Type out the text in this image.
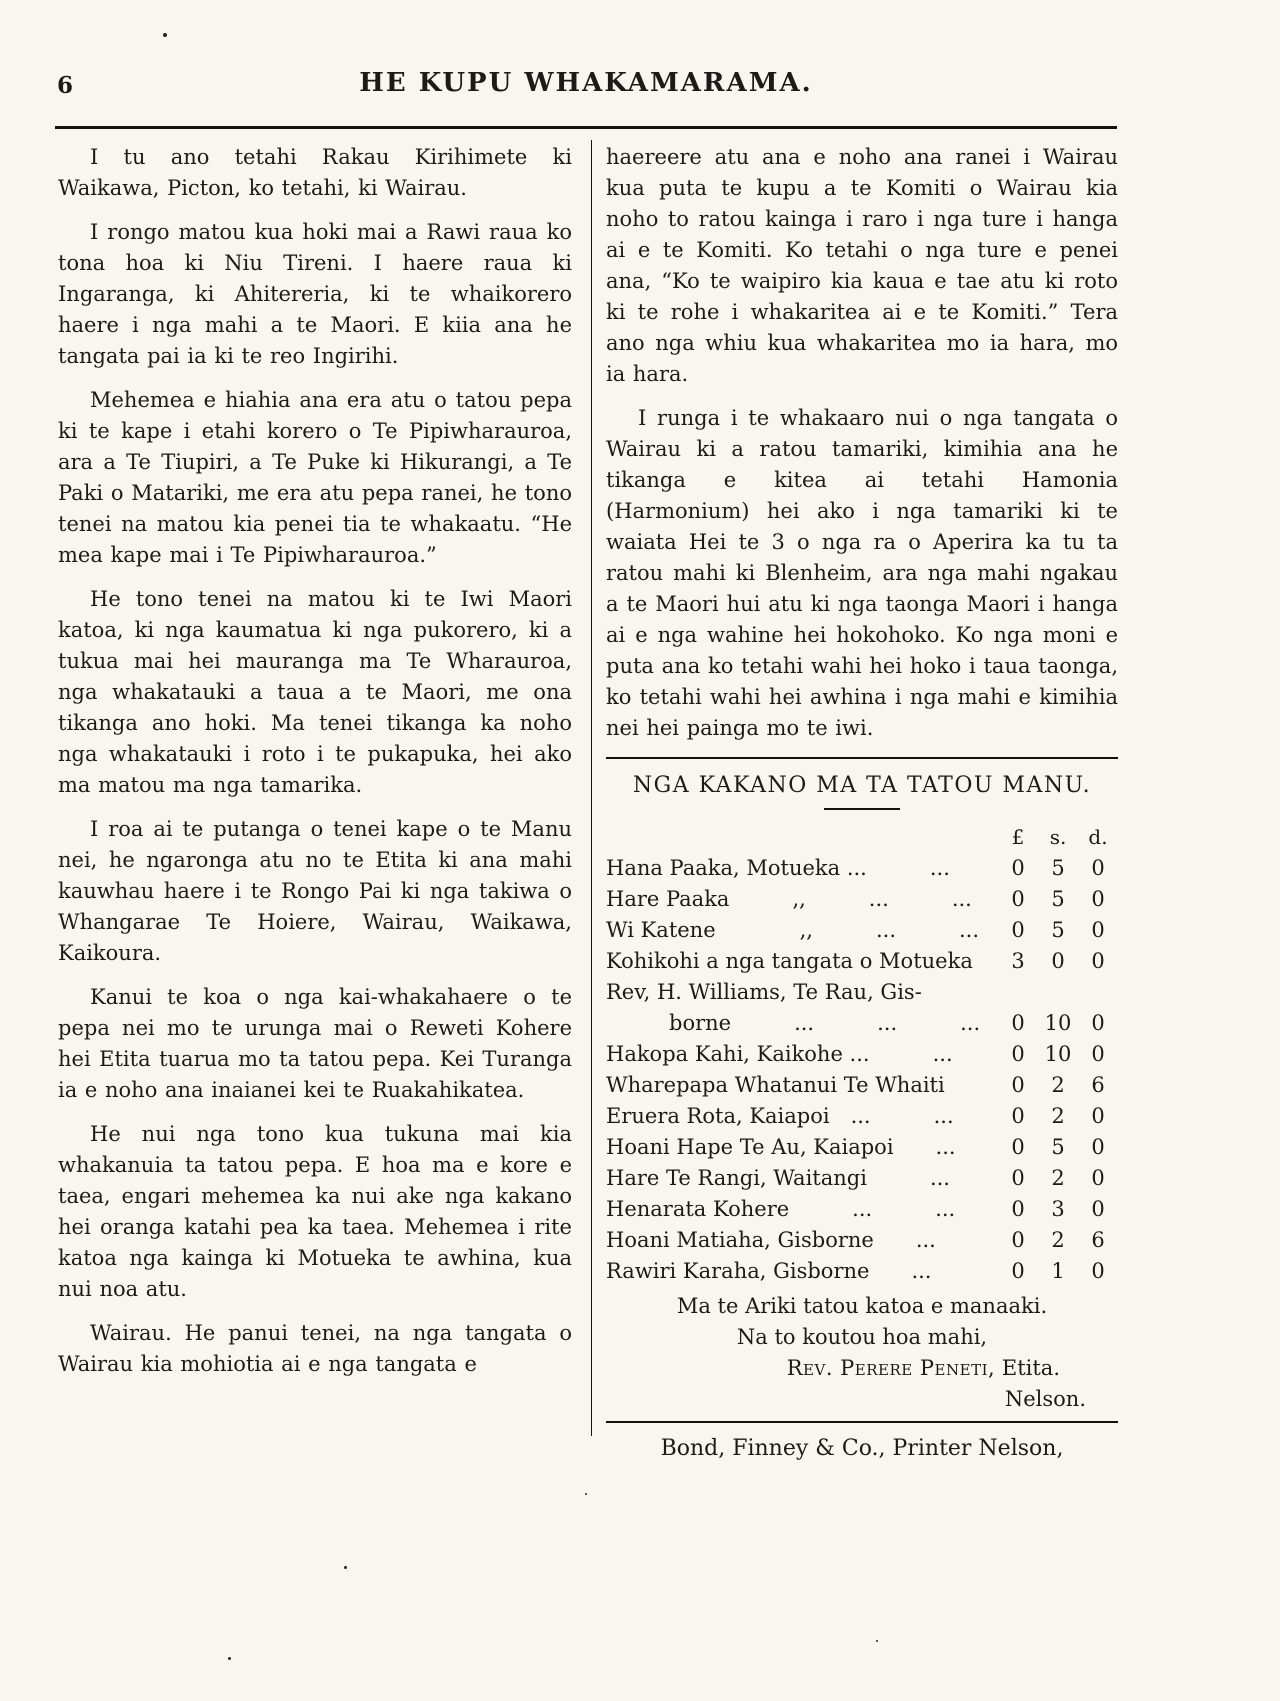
6	HE KUPU WHAKAMARAMA.

I tu ano tetahi Rakau Kirihimete ki Waikawa, Picton, ko tetahi, ki Wairau.

I rongo matou kua hoki mai a Rawi raua ko tona hoa ki Niu Tireni. I haere raua ki Ingaranga, ki Ahitereria, ki te whaikorero haere i nga mahi a te Maori. E kiia ana he tangata pai ia ki te reo Ingirihi.

Mehemea e hiahia ana era atu o tatou pepa ki te kape i etahi korero o Te Pipiwharauroa, ara a Te Tiupiri, a Te Puke ki Hikurangi, a Te Paki o Matariki, me era atu pepa ranei, he tono tenei na matou kia penei tia te whakaatu. “He mea kape mai i Te Pipiwharauroa.”

He tono tenei na matou ki te Iwi Maori katoa, ki nga kaumatua ki nga pukorero, ki a tukua mai hei mauranga ma Te Wharauroa, nga whakatauki a taua a te Maori, me ona tikanga ano hoki. Ma tenei tikanga ka noho nga whakatauki i roto i te pukapuka, hei ako ma matou ma nga tamarika.

I roa ai te putanga o tenei kape o te Manu nei, he ngaronga atu no te Etita ki ana mahi kauwhau haere i te Rongo Pai ki nga takiwa o Whangarae Te Hoiere, Wairau, Waikawa, Kaikoura.

Kanui te koa o nga kai-whakahaere o te pepa nei mo te urunga mai o Reweti Kohere hei Etita tuarua mo ta tatou pepa. Kei Turanga ia e noho ana inaianei kei te Ruakahikatea.

He nui nga tono kua tukuna mai kia whakanuia ta tatou pepa. E hoa ma e kore e taea, engari mehemea ka nui ake nga kakano hei oranga katahi pea ka taea. Mehemea i rite katoa nga kainga ki Motueka te awhina, kua nui noa atu.

Wairau. He panui tenei, na nga tangata o Wairau kia mohiotia ai e nga tangata e

haereere atu ana e noho ana ranei i Wairau kua puta te kupu a te Komiti o Wairau kia noho to ratou kainga i raro i nga ture i hanga ai e te Komiti. Ko tetahi o nga ture e penei ana, “Ko te waipiro kia kaua e tae atu ki roto ki te rohe i whakaritea ai e te Komiti.” Tera ano nga whiu kua whakaritea mo ia hara, mo ia hara.

I runga i te whakaaro nui o nga tangata o Wairau ki a ratou tamariki, kimihia ana he tikanga e kitea ai tetahi Hamonia (Harmonium) hei ako i nga tamariki ki te waiata Hei te 3 o nga ra o Aperira ka tu ta ratou mahi ki Blenheim, ara nga mahi ngakau a te Maori hui atu ki nga taonga Maori i hanga ai e nga wahine hei hokohoko. Ko nga moni e puta ana ko tetahi wahi hei hoko i taua taonga, ko tetahi wahi hei awhina i nga mahi e kimihia nei hei painga mo te iwi.

NGA KAKANO MA TA TATOU MANU.
£	s.	d.
Hana Paaka, Motueka ...   ...	0	5	0
Hare Paaka   ,,   ...   ...	0	5	0
Wi Katene    ,,   ...   ...	0	5	0
Kohikohi a nga tangata o Motueka	3	0	0
Rev, H. Williams, Te Rau, Gis-
   borne   ...   ...   ...	0 10 0
Hakopa Kahi, Kaikohe ...   ...	0 10 0
Wharepapa Whatanui Te Whaiti	0	2	6
Eruera Rota, Kaiapoi ...   ...	0	2	0
Hoani Hape Te Au, Kaiapoi  ...	0	5	0
Hare Te Rangi, Waitangi   ...	0	2	0
Henarata Kohere   ...   ...	0	3	0
Hoani Matiaha, Gisborne  ...	0	2	6
Rawiri Karaha, Gisborne  ...	0	1	0

Ma te Ariki tatou katoa e manaaki.

Na to koutou hoa mahi,

Rev. Perere Peneti, Etita.

Nelson.

Bond, Finney & Co., Printer Nelson,
